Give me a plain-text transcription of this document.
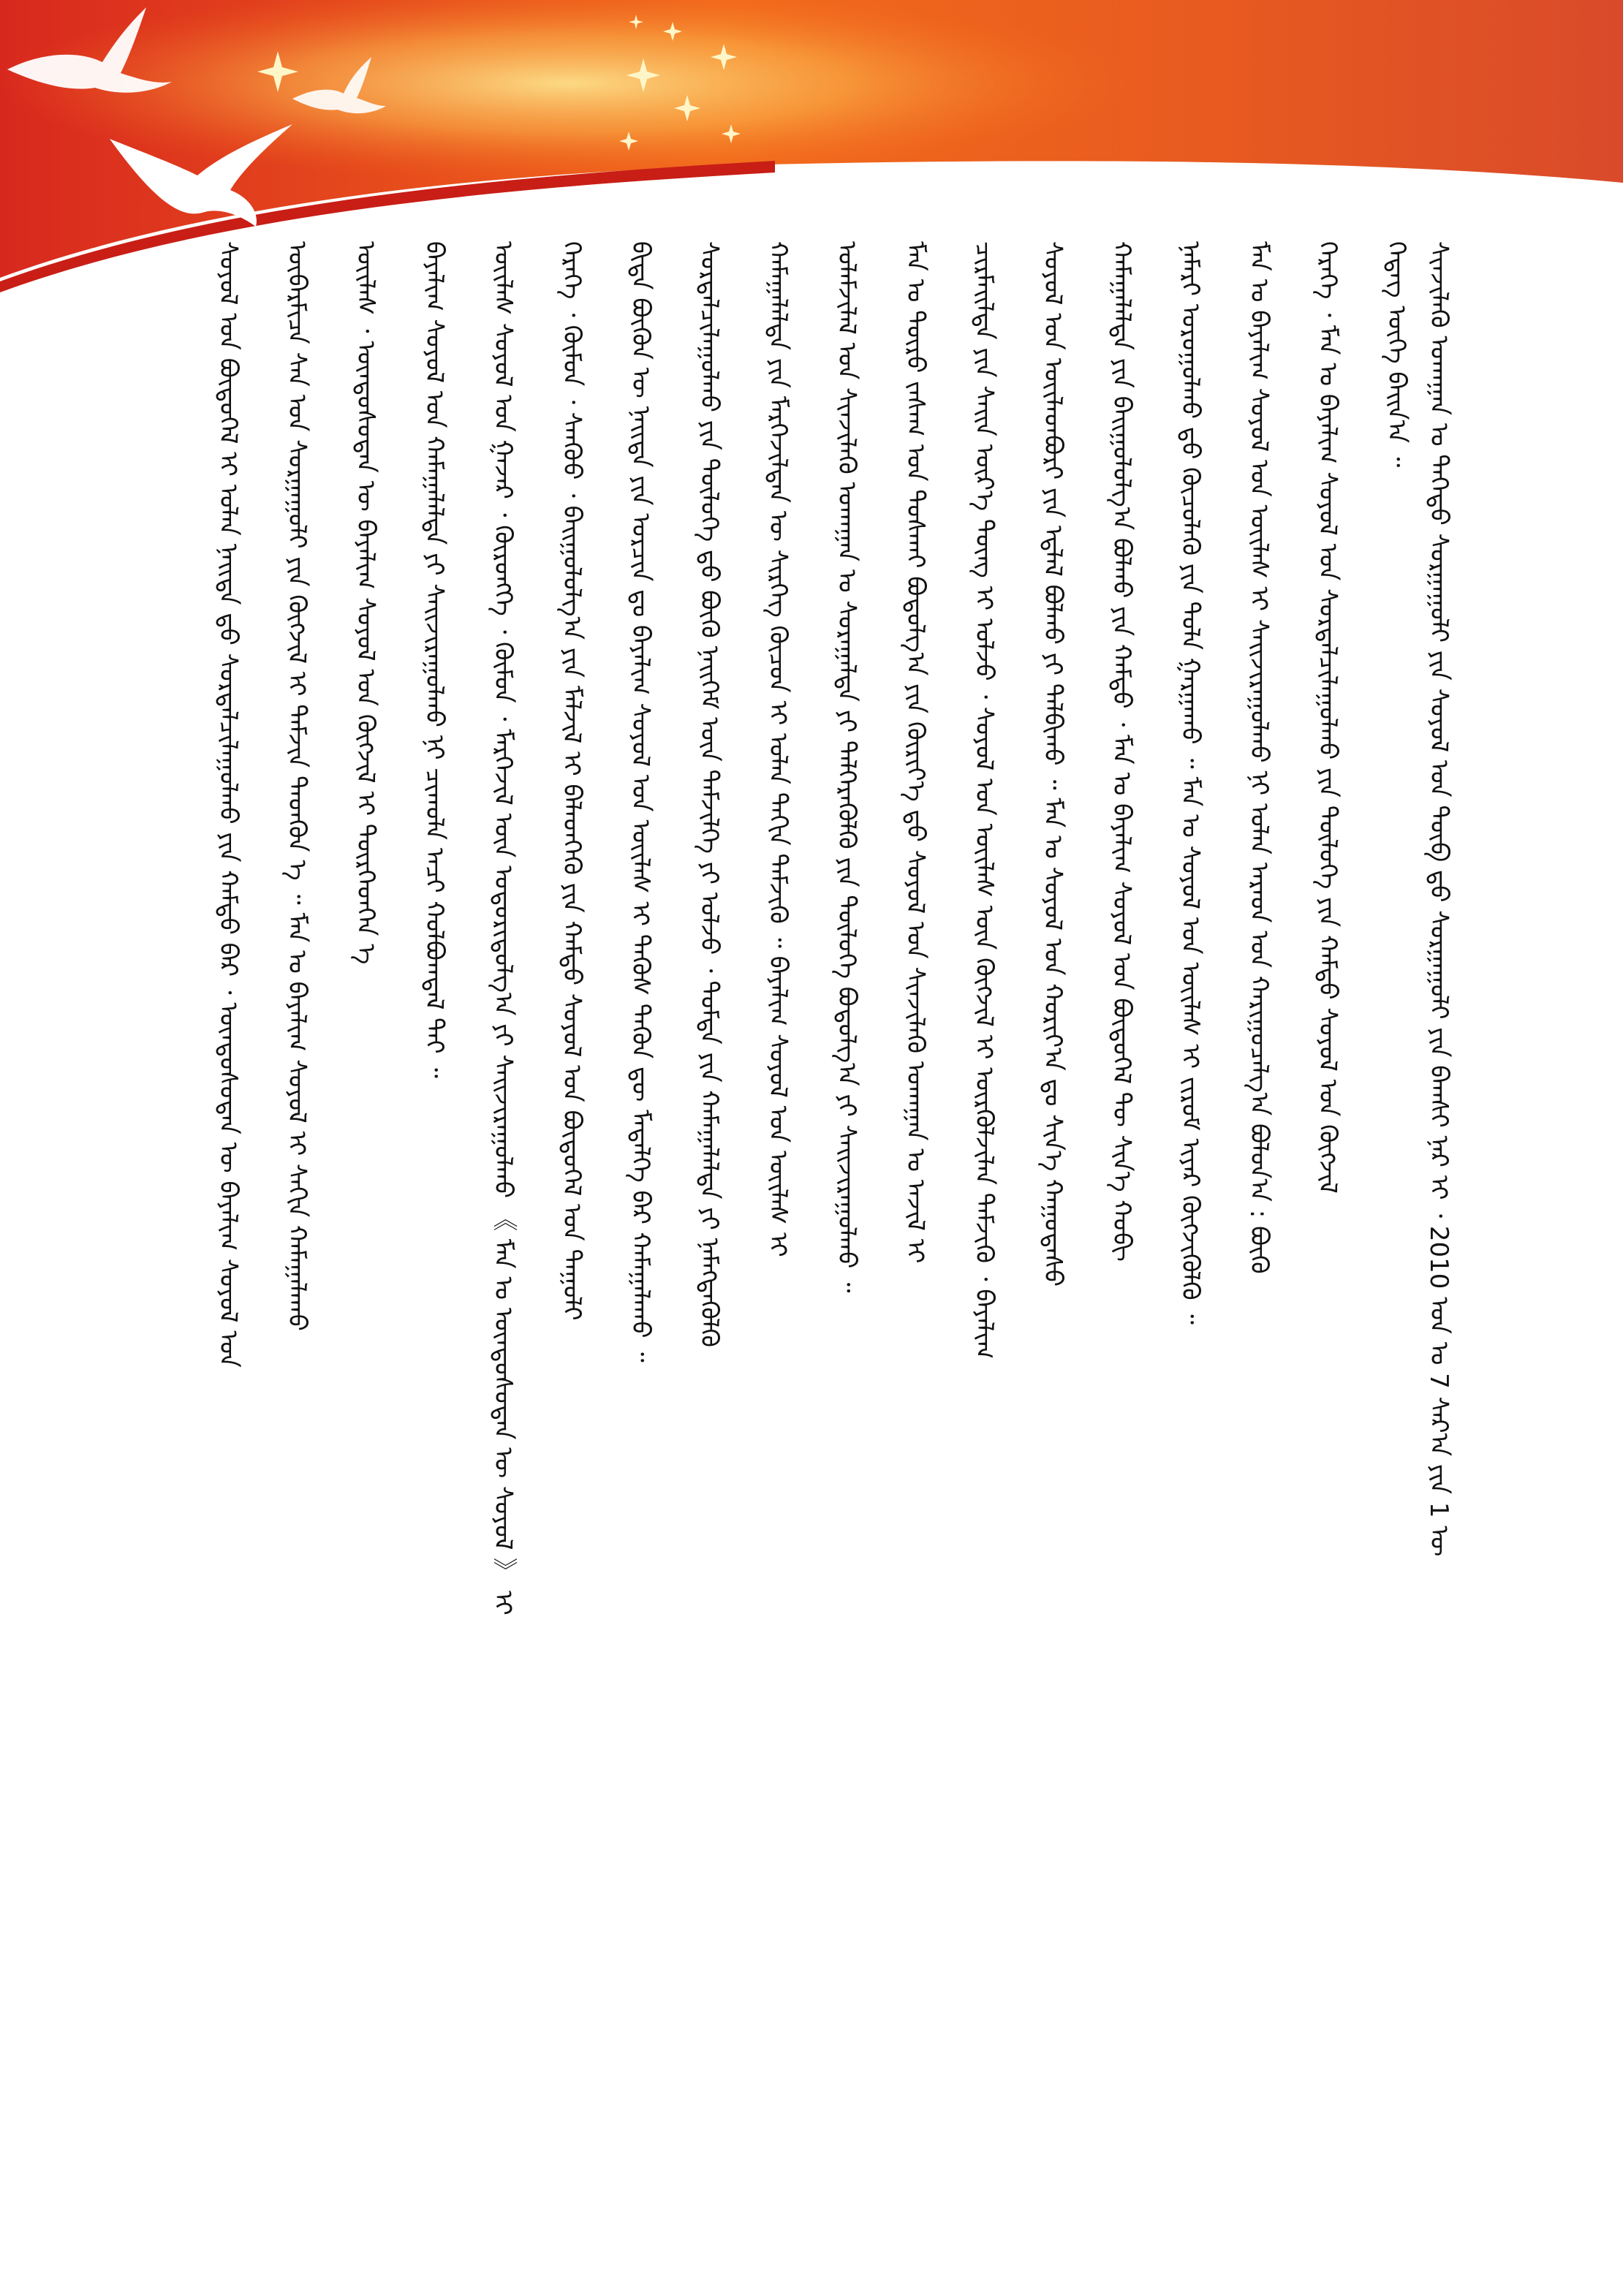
ᠰᠣᠶᠣᠯ ᠤᠨ ᠪᠦᠲᠦᠭᠡᠯ ᠢ ᠣᠯᠠᠨ ᠨᠡᠢᠲᠡ ᠳ᠋ᠤ ᠰᠤᠷᠲᠠᠯᠴᠢᠯᠠᠭᠤᠯᠬᠤ ᠶᠢᠨ ᠬᠠᠮᠲᠤ ᠪᠡᠷ ᠂ ᠦᠨᠳᠦᠰᠦᠲᠡᠨ ᠦ ᠪᠠᠶᠠᠯᠢᠭ ᠰᠣᠶᠣᠯ ᠤᠨ ᠥᠪᠡᠷᠮᠢᠴᠡ ᠰᠠᠨ ᠤᠨ ᠰᠤᠷᠭᠠᠭᠤᠯᠢ ᠶᠢᠨ ᠬᠥᠭᠵᠢᠯ ᠢ ᠳᠡᠮᠵᠢᠨ ᠲᠡᠳᠬᠦᠨ ᠡ ᠃ ᠮᠠᠨ ᠤ ᠪᠠᠶᠠᠯᠢᠭ ᠰᠣᠶᠣᠯ ᠢ ᠰᠠᠬᠢᠨ ᠬᠠᠮᠠᠭᠠᠯᠠᠬᠤ ᠦᠢᠯᠡᠰ ᠂ ᠦᠨᠳᠦᠰᠦᠲᠡᠨ ᠦ ᠪᠠᠶᠠᠯᠢᠭ ᠰᠣᠶᠣᠯ ᠤᠨ ᠬᠥᠭᠵᠢᠯ ᠢ ᠲᠦᠷᠭᠡᠳᠬᠡᠨ ᠡ ᠪᠠᠶᠠᠯᠢᠭ ᠰᠣᠶᠣᠯ ᠤᠨ ᠬᠠᠮᠠᠭᠠᠯᠠᠯᠲᠠ ᠶᠢ ᠰᠠᠢᠵᠢᠷᠠᠭᠤᠯᠬᠤ ᠨᠢ ᠴᠢᠬᠤᠯᠠ ᠠᠴᠢ ᠬᠣᠯᠪᠣᠭᠳᠠᠯ ᠲᠠᠢ ᠃ ᠦᠢᠯᠡᠰ ᠰᠣᠶᠣᠯ ᠤᠨ ᠭᠠᠵᠠᠷ ᠂ ᠬᠥᠷᠥᠩᠭᠡ ᠂ ᠬᠦᠮᠦᠨ ᠂ ᠮᠡᠷᠭᠡᠵᠢᠯ ᠦᠨ ᠤᠳᠤᠷᠢᠳᠤᠯᠭ᠎ᠠ ᠶᠢ ᠰᠠᠢᠵᠢᠷᠠᠭᠤᠯᠬᠤ 《 ᠮᠠᠨ ᠤ ᠦᠨᠳᠦᠰᠦᠲᠡᠨ ᠦ ᠰᠣᠶᠣᠯ 》 ᠢ ᠭᠡᠷᠡᠭᠡ ᠂ ᠬᠦᠮᠦᠨ ᠂ ᠰᠠᠨᠬᠦᠦ ᠂ ᠪᠠᠢᠭᠤᠯᠤᠯᠭ᠎ᠠ ᠶᠢᠨ ᠮᠠᠯᠵᠢᠯ ᠢ ᠪᠡᠯᠡᠳᠬᠡᠬᠦ ᠶᠢᠨ ᠬᠠᠮᠲᠤ ᠰᠣᠶᠣᠯ ᠤᠨ ᠪᠦᠲᠦᠭᠡᠯ ᠤᠨ ᠳᠠᠭᠤᠯᠢ ᠪᠢᠳᠡ ᠪᠦᠬᠦᠨ ᠦ ᠨᠡᠢᠲᠡ ᠶᠢᠨ ᠣᠷᠴᠢᠨ ᠳᠤ ᠪᠠᠶᠠᠯᠢᠭ ᠰᠣᠶᠣᠯ ᠤᠨ ᠦᠢᠯᠡᠰ ᠢ ᠲᠡᠭᠦᠰ ᠲᠡᠭᠦᠨ ᠳᠦ ᠮᠡᠳᠡᠯᠭᠡ ᠪᠡᠷ ᠬᠠᠮᠠᠭᠠᠯᠠᠬᠤ ᠃ ᠰᠤᠷᠲᠠᠯᠴᠢᠯᠠᠭᠤᠯᠬᠤ ᠶᠢᠨ ᠲᠦᠯᠦᠭᠡ ᠳ᠋ᠤ ᠪᠦᠬᠦ ᠨᠡᠢᠭᠡᠮ ᠦᠨ ᠳᠡᠮᠵᠢᠯᠭᠡ ᠶᠢ ᠣᠯᠵᠤ ᠂ ᠳᠤᠮᠳᠠ ᠶᠢᠨ ᠬᠠᠮᠠᠭᠠᠯᠠᠯᠲᠠ ᠶᠢ ᠨᠡᠮᠡᠭᠳᠡᠭᠦᠯᠬᠦ ᠬᠠᠮᠠᠭᠠᠯᠠᠯᠲᠠ ᠶᠢᠨ ᠮᠡᠷᠭᠡᠵᠢᠯᠲᠡᠨ ᠦ ᠰᠢᠷᠭᠡᠭ ᠬᠦᠴᠦᠨ ᠢ ᠣᠯᠠᠨ ᠳᠠᠬᠢᠨ ᠳᠡᠮᠵᠢᠬᠦ ᠃ ᠪᠠᠶᠠᠯᠢᠭ ᠰᠣᠶᠣᠯ ᠤᠨ ᠦᠢᠯᠡᠰ ᠢ ᠤᠯᠠᠮᠵᠢᠯᠠᠯ ᠤᠨ ᠰᠢᠨᠵᠢᠯᠡᠬᠦ ᠤᠬᠠᠭᠠᠨ ᠤ ᠰᠤᠷᠠᠭᠠᠯᠲᠠ ᠶᠢ ᠳᠡᠯᠭᠡᠷᠡᠭᠦᠯᠬᠦ ᠶᠢᠨ ᠲᠥᠯᠥᠭᠡ ᠪᠣᠳᠤᠯᠭ᠎ᠠ ᠶᠢ ᠰᠠᠢᠵᠢᠷᠠᠭᠤᠯᠬᠤ ᠃ ᠮᠠᠨ ᠤ ᠲᠥᠷᠥ ᠵᠠᠰᠠᠭ ᠤᠨ ᠲᠤᠰᠬᠠᠶ ᠪᠣᠳᠤᠯᠭ᠎ᠠ ᠶᠢᠨ ᠬᠦᠷᠢᠶ᠎ᠡ ᠳ᠋ᠤ ᠰᠣᠶᠣᠯ ᠤᠨ ᠰᠢᠨᠵᠢᠯᠡᠬᠦ ᠤᠬᠠᠭᠠᠨ ᠤ ᠠᠵᠢᠯ ᠢ ᠴᠢᠷᠮᠠᠢᠯᠲᠠ ᠶᠢᠨ ᠰᠠᠢᠨ ᠦᠷ᠎ᠡ ᠳᠦᠩ ᠢ ᠣᠯᠵᠤ ᠂ ᠰᠣᠶᠣᠯ ᠤᠨ ᠦᠢᠯᠡᠰ ᠦᠨ ᠬᠥᠭᠵᠢᠯ ᠢ ᠦᠷᠭᠦᠯᠵᠢᠯᠡᠨ ᠳᠡᠮᠵᠢᠬᠦ ᠂ ᠪᠠᠶᠠᠯᠢᠭ ᠰᠣᠶᠣᠯ ᠤᠨ ᠦᠢᠯᠡᠳᠪᠦᠷᠢ ᠶᠢᠨ ᠡᠳ᠋ᠯᠡᠯ ᠪᠣᠯᠬᠤ ᠶᠢ ᠲᠠᠯᠪᠢᠬᠤ ᠃ ᠮᠠᠨ ᠤ ᠰᠣᠶᠣᠯ ᠤᠨ ᠬᠣᠷᠢᠶ᠎ᠠ ᠳᠤ ᠰᠢᠨ᠎ᠡ ᠬᠠᠭᠤᠳᠠᠰᠤ ᠬᠠᠮᠠᠭᠠᠯᠠᠯᠲᠠ ᠶᠢᠨ ᠪᠠᠢᠭᠤᠯᠤᠯᠭ᠎ᠠ ᠪᠣᠯᠬᠤ ᠶᠢᠨ ᠬᠠᠮᠲᠤ ᠂ ᠮᠠᠨ ᠤ ᠪᠠᠶᠠᠯᠢᠭ ᠰᠣᠶᠣᠯ ᠤᠨ ᠪᠦᠲᠦᠭᠡᠯ ᠲᠦ ᠰᠢᠨ᠎ᠡ ᠬᠤᠪᠢ ᠨᠡᠮᠡᠷᠢ ᠣᠷᠤᠭᠤᠯᠬᠤ ᠳ᠋ᠤ ᠬᠦᠴᠦᠯᠡᠬᠦ ᠶᠢᠨ ᠲᠤᠯᠠ ᠭᠠᠷᠭᠠᠬᠤ ᠃ ᠮᠠᠨ ᠤ ᠰᠣᠶᠣᠯ ᠤᠨ ᠦᠢᠯᠡᠰ ᠢ ᠵᠢᠷᠤᠮ ᠢᠶᠠᠷ ᠬᠥᠭᠵᠢᠭᠦᠯᠬᠦ ᠃ ᠮᠠᠨ ᠤ ᠪᠠᠶᠠᠯᠢᠭ ᠰᠣᠶᠣᠯ ᠤᠨ ᠦᠢᠯᠡᠰ ᠢ ᠰᠠᠢᠵᠢᠷᠠᠭᠤᠯᠬᠤ ᠨᠢ ᠣᠯᠠᠨ ᠠᠷᠠᠳ ᠤᠨ ᠬᠠᠷᠢᠭᠤᠴᠠᠯᠭ᠎ᠠ ᠪᠣᠯᠤᠨ᠎ᠠ : ᠪᠦᠬᠦ ᠭᠡᠷᠡᠭᠡ ᠂ ᠮᠠᠨ ᠤ ᠪᠠᠶᠠᠯᠢᠭ ᠰᠣᠶᠣᠯ ᠤᠨ ᠰᠤᠷᠲᠠᠯᠴᠢᠯᠠᠭᠤᠯᠬᠤ ᠶᠢᠨ ᠲᠥᠯᠦᠭᠡ ᠶᠢᠨ ᠬᠠᠮᠲᠤ ᠰᠣᠶᠣᠯ ᠤᠨ ᠬᠥᠭᠵᠢᠯ ᠭᠡᠳᠡᠭ ᠦᠭᠡ ᠪᠠᠢᠨ᠎ᠠ ᠃ ᠰᠢᠨᠵᠢᠯᠡᠬᠦ ᠤᠬᠠᠭᠠᠨ ᠤ ᠳᠡᠭᠡᠳᠦ ᠰᠤᠷᠭᠠᠭᠤᠯᠢ ᠶᠢᠨ ᠰᠣᠶᠣᠯ ᠤᠨ ᠲᠥᠪ ᠳ᠋ᠤ ᠰᠤᠷᠭᠠᠭᠤᠯᠢ ᠶᠢᠨ ᠪᠠᠭᠰᠢ ᠨᠠᠷ ᠢ ᠂ 2010 ᠣᠨ ᠤ 7 ᠰᠠᠷ᠎ᠠ ᠶᠢᠨ 1 ᠦ
